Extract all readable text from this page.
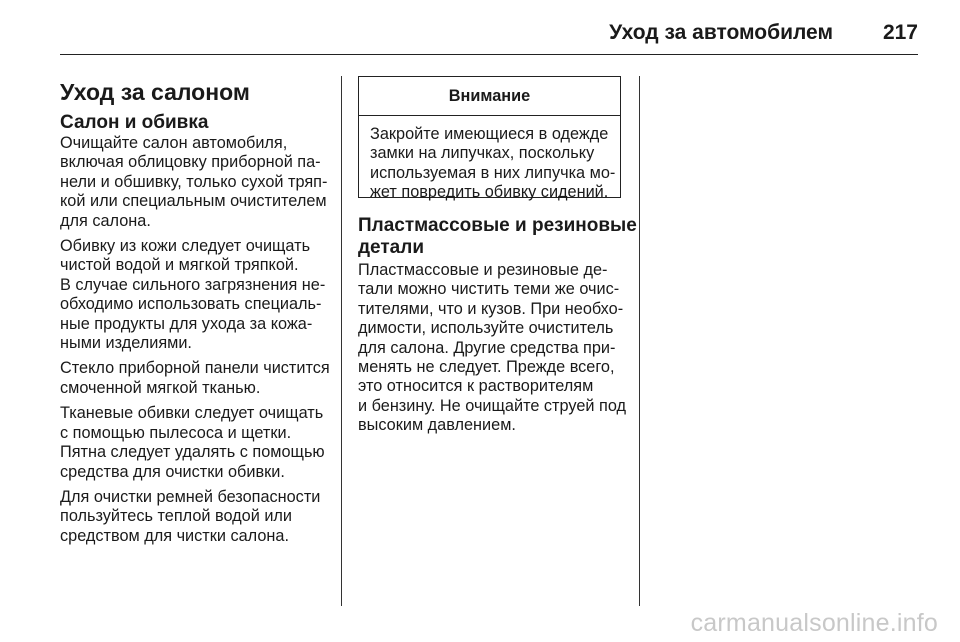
Уход за автомобилем 217
Уход за салоном
Салон и обивка

Очищайте салон автомобиля,
включая облицовку приборной па-
нели и обшивку, только сухой тряп-
кой или специальным очистителем
для салона.

Обивку из кожи следует очищать
чистой водой и мягкой тряпкой.
В случае сильного загрязнения не-
обходимо использовать специаль-
ные продукты для ухода за кожа-
ными изделиями.

Стекло приборной панели чистится
смоченной мягкой тканью.

Тканевые обивки следует очищать
с помощью пылесоса и щетки.
Пятна следует удалять с помощью
средства для очистки обивки.

Для очистки ремней безопасности
пользуйтесь теплой водой или
средством для чистки салона.

Внимание
Закройте имеющиеся в одежде
замки на липучках, поскольку
используемая в них липучка мо-
жет повредить обивку сидений.
Пластмассовые и резиновые
детали

Пластмассовые и резиновые де-
тали можно чистить теми же очис-
тителями, что и кузов. При необхо-
димости, используйте очиститель
для салона. Другие средства при-
менять не следует. Прежде всего,
это относится к растворителям
и бензину. Не очищайте струей под
высоким давлением.

carmanualsonline.info
